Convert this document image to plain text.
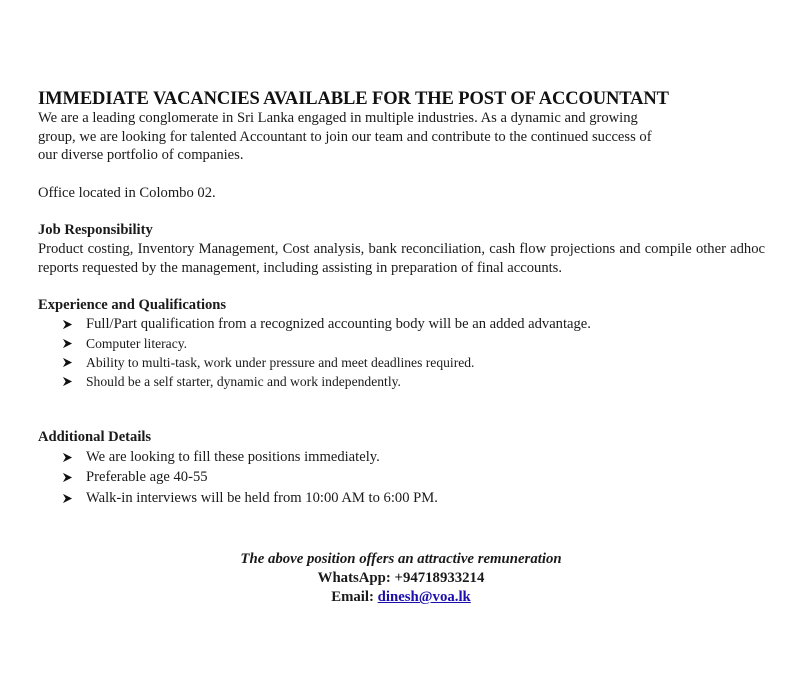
IMMEDIATE VACANCIES AVAILABLE FOR THE POST OF ACCOUNTANT

We are a leading conglomerate in Sri Lanka engaged in multiple industries. As a dynamic and growing

group, we are looking for talented Accountant to join our team and contribute to the continued success of

our diverse portfolio of companies.

Office located in Colombo 02.

Job Responsibility

Product costing, Inventory Management, Cost analysis, bank reconciliation, cash flow projections and compile other adhoc reports requested by the management, including assisting in preparation of final accounts.

Experience and Qualifications
Full/Part qualification from a recognized accounting body will be an added advantage.
Computer literacy.
Ability to multi-task, work under pressure and meet deadlines required.
Should be a self starter, dynamic and work independently.
Additional Details
We are looking to fill these positions immediately.
Preferable age 40-55
Walk-in interviews will be held from 10:00 AM to 6:00 PM.
The above position offers an attractive remuneration
WhatsApp: +94718933214
Email: dinesh@voa.lk
